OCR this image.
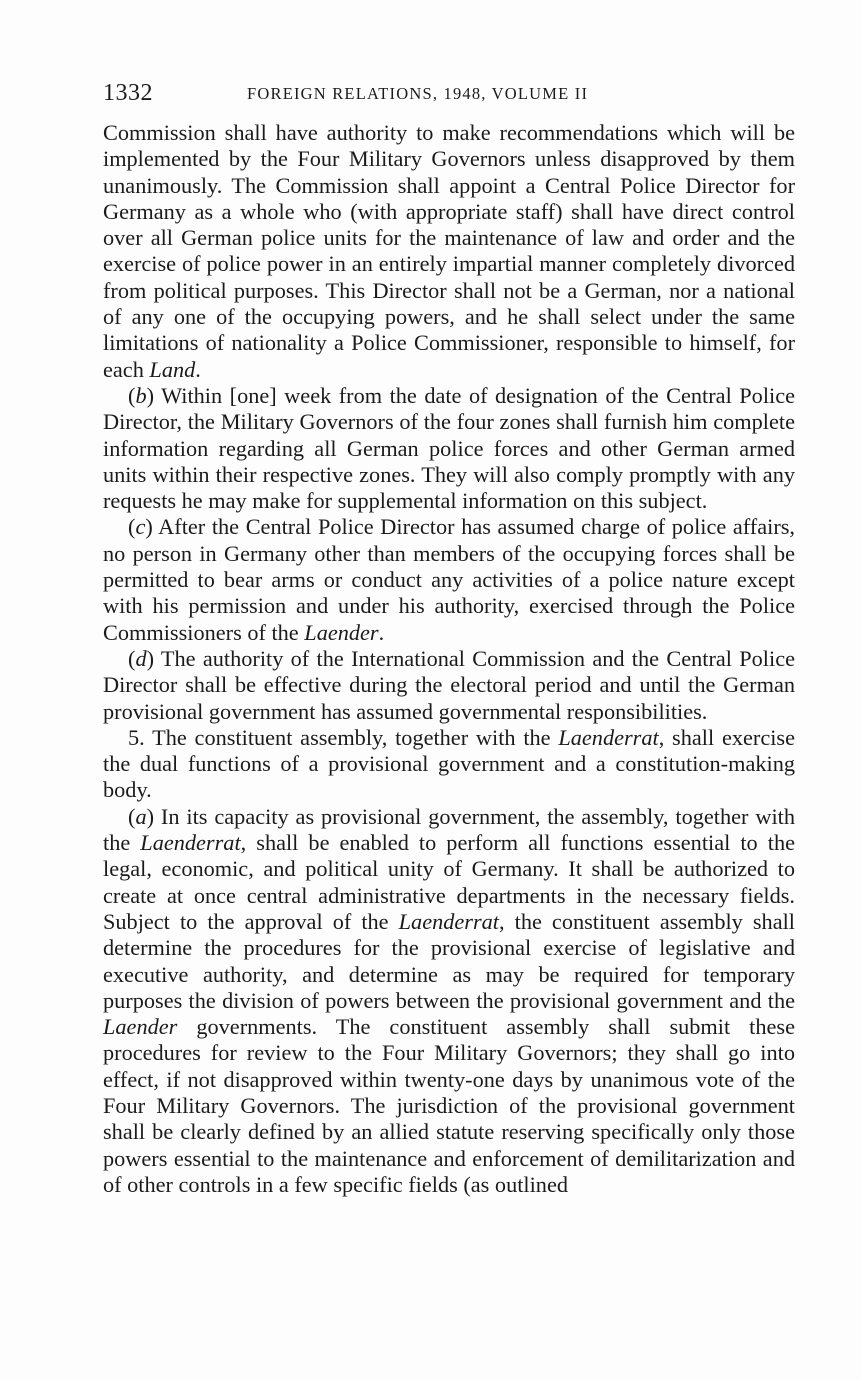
1332	FOREIGN RELATIONS, 1948, VOLUME II

Commission shall have authority to make recommendations which will be implemented by the Four Military Governors unless disapproved by them unanimously. The Commission shall appoint a Central Police Director for Germany as a whole who (with appropriate staff) shall have direct control over all German police units for the maintenance of law and order and the exercise of police power in an entirely impartial manner completely divorced from political purposes. This Director shall not be a German, nor a national of any one of the occupying powers, and he shall select under the same limitations of nationality a Police Commissioner, responsible to himself, for each Land.

(b) Within [one] week from the date of designation of the Central Police Director, the Military Governors of the four zones shall furnish him complete information regarding all German police forces and other German armed units within their respective zones. They will also comply promptly with any requests he may make for supplemental information on this subject.

(c) After the Central Police Director has assumed charge of police affairs, no person in Germany other than members of the occupying forces shall be permitted to bear arms or conduct any activities of a police nature except with his permission and under his authority, exercised through the Police Commissioners of the Laender.

(d) The authority of the International Commission and the Central Police Director shall be effective during the electoral period and until the German provisional government has assumed governmental responsibilities.

5. The constituent assembly, together with the Laenderrat, shall exercise the dual functions of a provisional government and a constitution-making body.

(a) In its capacity as provisional government, the assembly, together with the Laenderrat, shall be enabled to perform all functions essential to the legal, economic, and political unity of Germany. It shall be authorized to create at once central administrative departments in the necessary fields. Subject to the approval of the Laenderrat, the constituent assembly shall determine the procedures for the provisional exercise of legislative and executive authority, and determine as may be required for temporary purposes the division of powers between the provisional government and the Laender governments. The constituent assembly shall submit these procedures for review to the Four Military Governors; they shall go into effect, if not disapproved within twenty-one days by unanimous vote of the Four Military Governors. The jurisdiction of the provisional government shall be clearly defined by an allied statute reserving specifically only those powers essential to the maintenance and enforcement of demilitarization and of other controls in a few specific fields (as outlined
